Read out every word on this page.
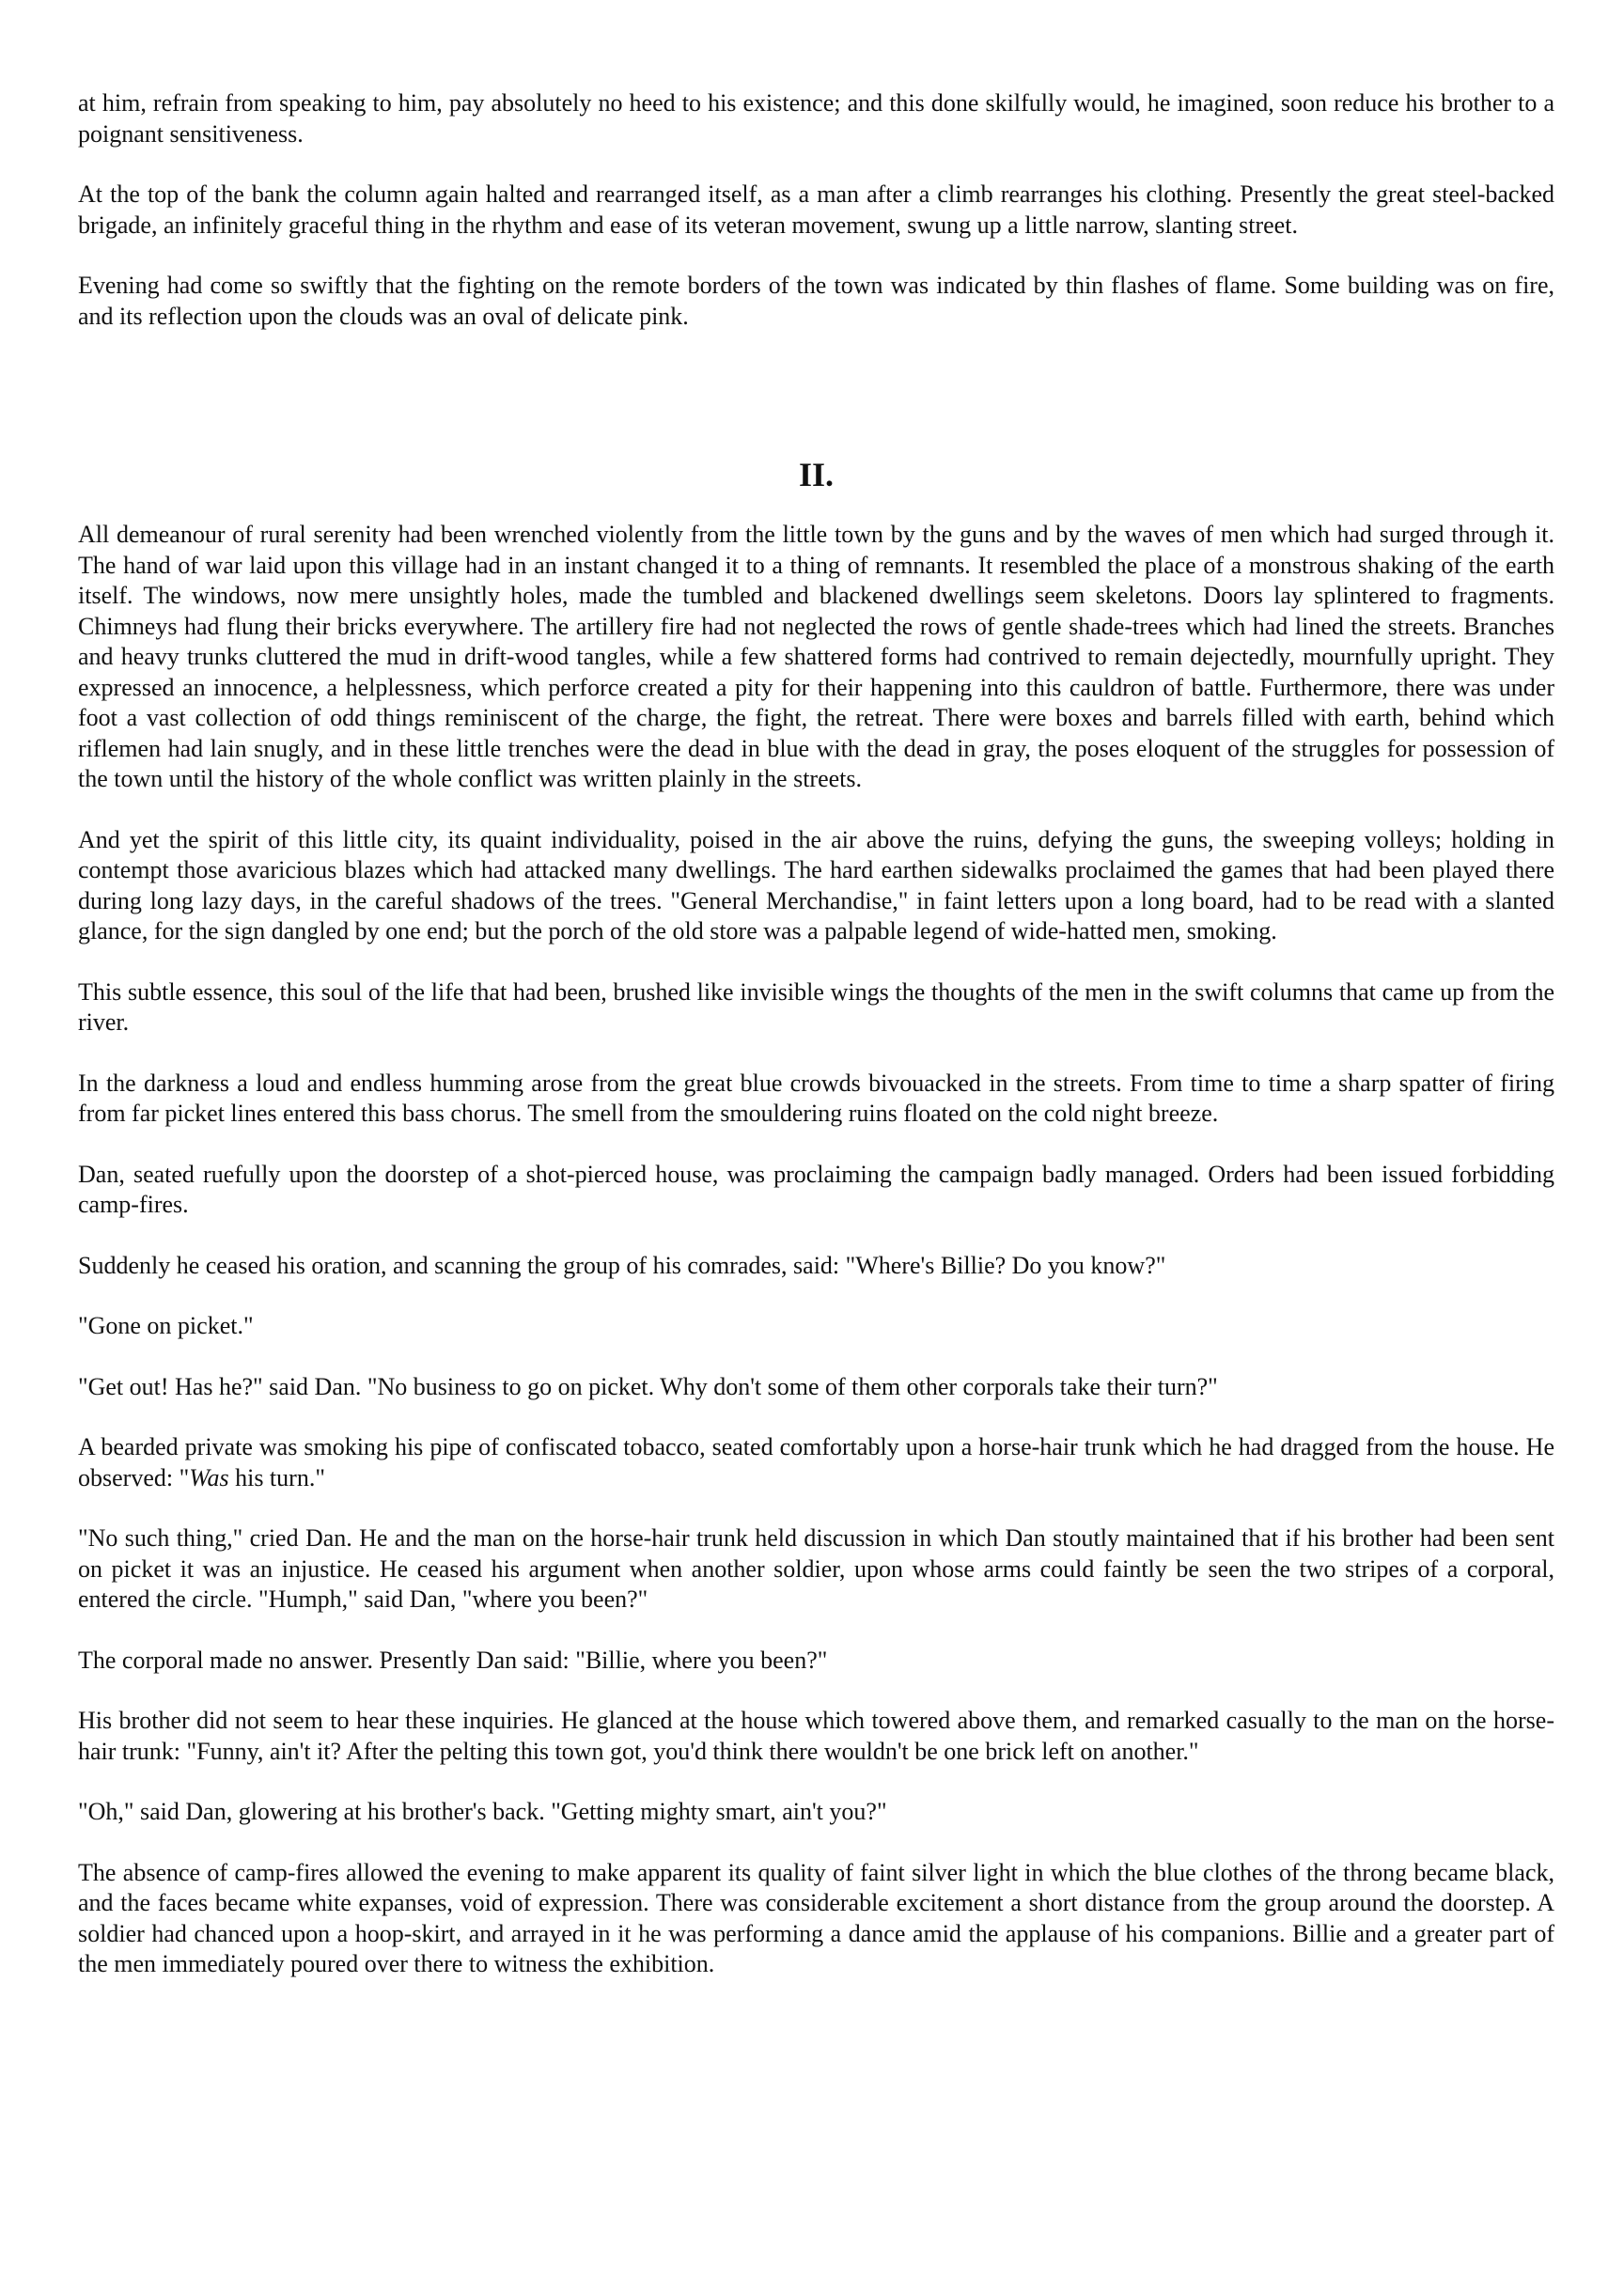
at him, refrain from speaking to him, pay absolutely no heed to his existence; and this done skilfully would, he imagined, soon reduce his brother to a poignant sensitiveness.

At the top of the bank the column again halted and rearranged itself, as a man after a climb rearranges his clothing. Presently the great steel-backed brigade, an infinitely graceful thing in the rhythm and ease of its veteran movement, swung up a little narrow, slanting street.

Evening had come so swiftly that the fighting on the remote borders of the town was indicated by thin flashes of flame. Some building was on fire, and its reflection upon the clouds was an oval of delicate pink.

II.

All demeanour of rural serenity had been wrenched violently from the little town by the guns and by the waves of men which had surged through it. The hand of war laid upon this village had in an instant changed it to a thing of remnants. It resembled the place of a monstrous shaking of the earth itself. The windows, now mere unsightly holes, made the tumbled and blackened dwellings seem skeletons. Doors lay splintered to fragments. Chimneys had flung their bricks everywhere. The artillery fire had not neglected the rows of gentle shade-trees which had lined the streets. Branches and heavy trunks cluttered the mud in drift-wood tangles, while a few shattered forms had contrived to remain dejectedly, mournfully upright. They expressed an innocence, a helplessness, which perforce created a pity for their happening into this cauldron of battle. Furthermore, there was under foot a vast collection of odd things reminiscent of the charge, the fight, the retreat. There were boxes and barrels filled with earth, behind which riflemen had lain snugly, and in these little trenches were the dead in blue with the dead in gray, the poses eloquent of the struggles for possession of the town until the history of the whole conflict was written plainly in the streets.

And yet the spirit of this little city, its quaint individuality, poised in the air above the ruins, defying the guns, the sweeping volleys; holding in contempt those avaricious blazes which had attacked many dwellings. The hard earthen sidewalks proclaimed the games that had been played there during long lazy days, in the careful shadows of the trees. "General Merchandise," in faint letters upon a long board, had to be read with a slanted glance, for the sign dangled by one end; but the porch of the old store was a palpable legend of wide-hatted men, smoking.

This subtle essence, this soul of the life that had been, brushed like invisible wings the thoughts of the men in the swift columns that came up from the river.

In the darkness a loud and endless humming arose from the great blue crowds bivouacked in the streets. From time to time a sharp spatter of firing from far picket lines entered this bass chorus. The smell from the smouldering ruins floated on the cold night breeze.

Dan, seated ruefully upon the doorstep of a shot-pierced house, was proclaiming the campaign badly managed. Orders had been issued forbidding camp-fires.

Suddenly he ceased his oration, and scanning the group of his comrades, said: "Where's Billie? Do you know?"

"Gone on picket."

"Get out! Has he?" said Dan. "No business to go on picket. Why don't some of them other corporals take their turn?"

A bearded private was smoking his pipe of confiscated tobacco, seated comfortably upon a horse-hair trunk which he had dragged from the house. He observed: "Was his turn."

"No such thing," cried Dan. He and the man on the horse-hair trunk held discussion in which Dan stoutly maintained that if his brother had been sent on picket it was an injustice. He ceased his argument when another soldier, upon whose arms could faintly be seen the two stripes of a corporal, entered the circle. "Humph," said Dan, "where you been?"

The corporal made no answer. Presently Dan said: "Billie, where you been?"

His brother did not seem to hear these inquiries. He glanced at the house which towered above them, and remarked casually to the man on the horse-hair trunk: "Funny, ain't it? After the pelting this town got, you'd think there wouldn't be one brick left on another."

"Oh," said Dan, glowering at his brother's back. "Getting mighty smart, ain't you?"

The absence of camp-fires allowed the evening to make apparent its quality of faint silver light in which the blue clothes of the throng became black, and the faces became white expanses, void of expression. There was considerable excitement a short distance from the group around the doorstep. A soldier had chanced upon a hoop-skirt, and arrayed in it he was performing a dance amid the applause of his companions. Billie and a greater part of the men immediately poured over there to witness the exhibition.
